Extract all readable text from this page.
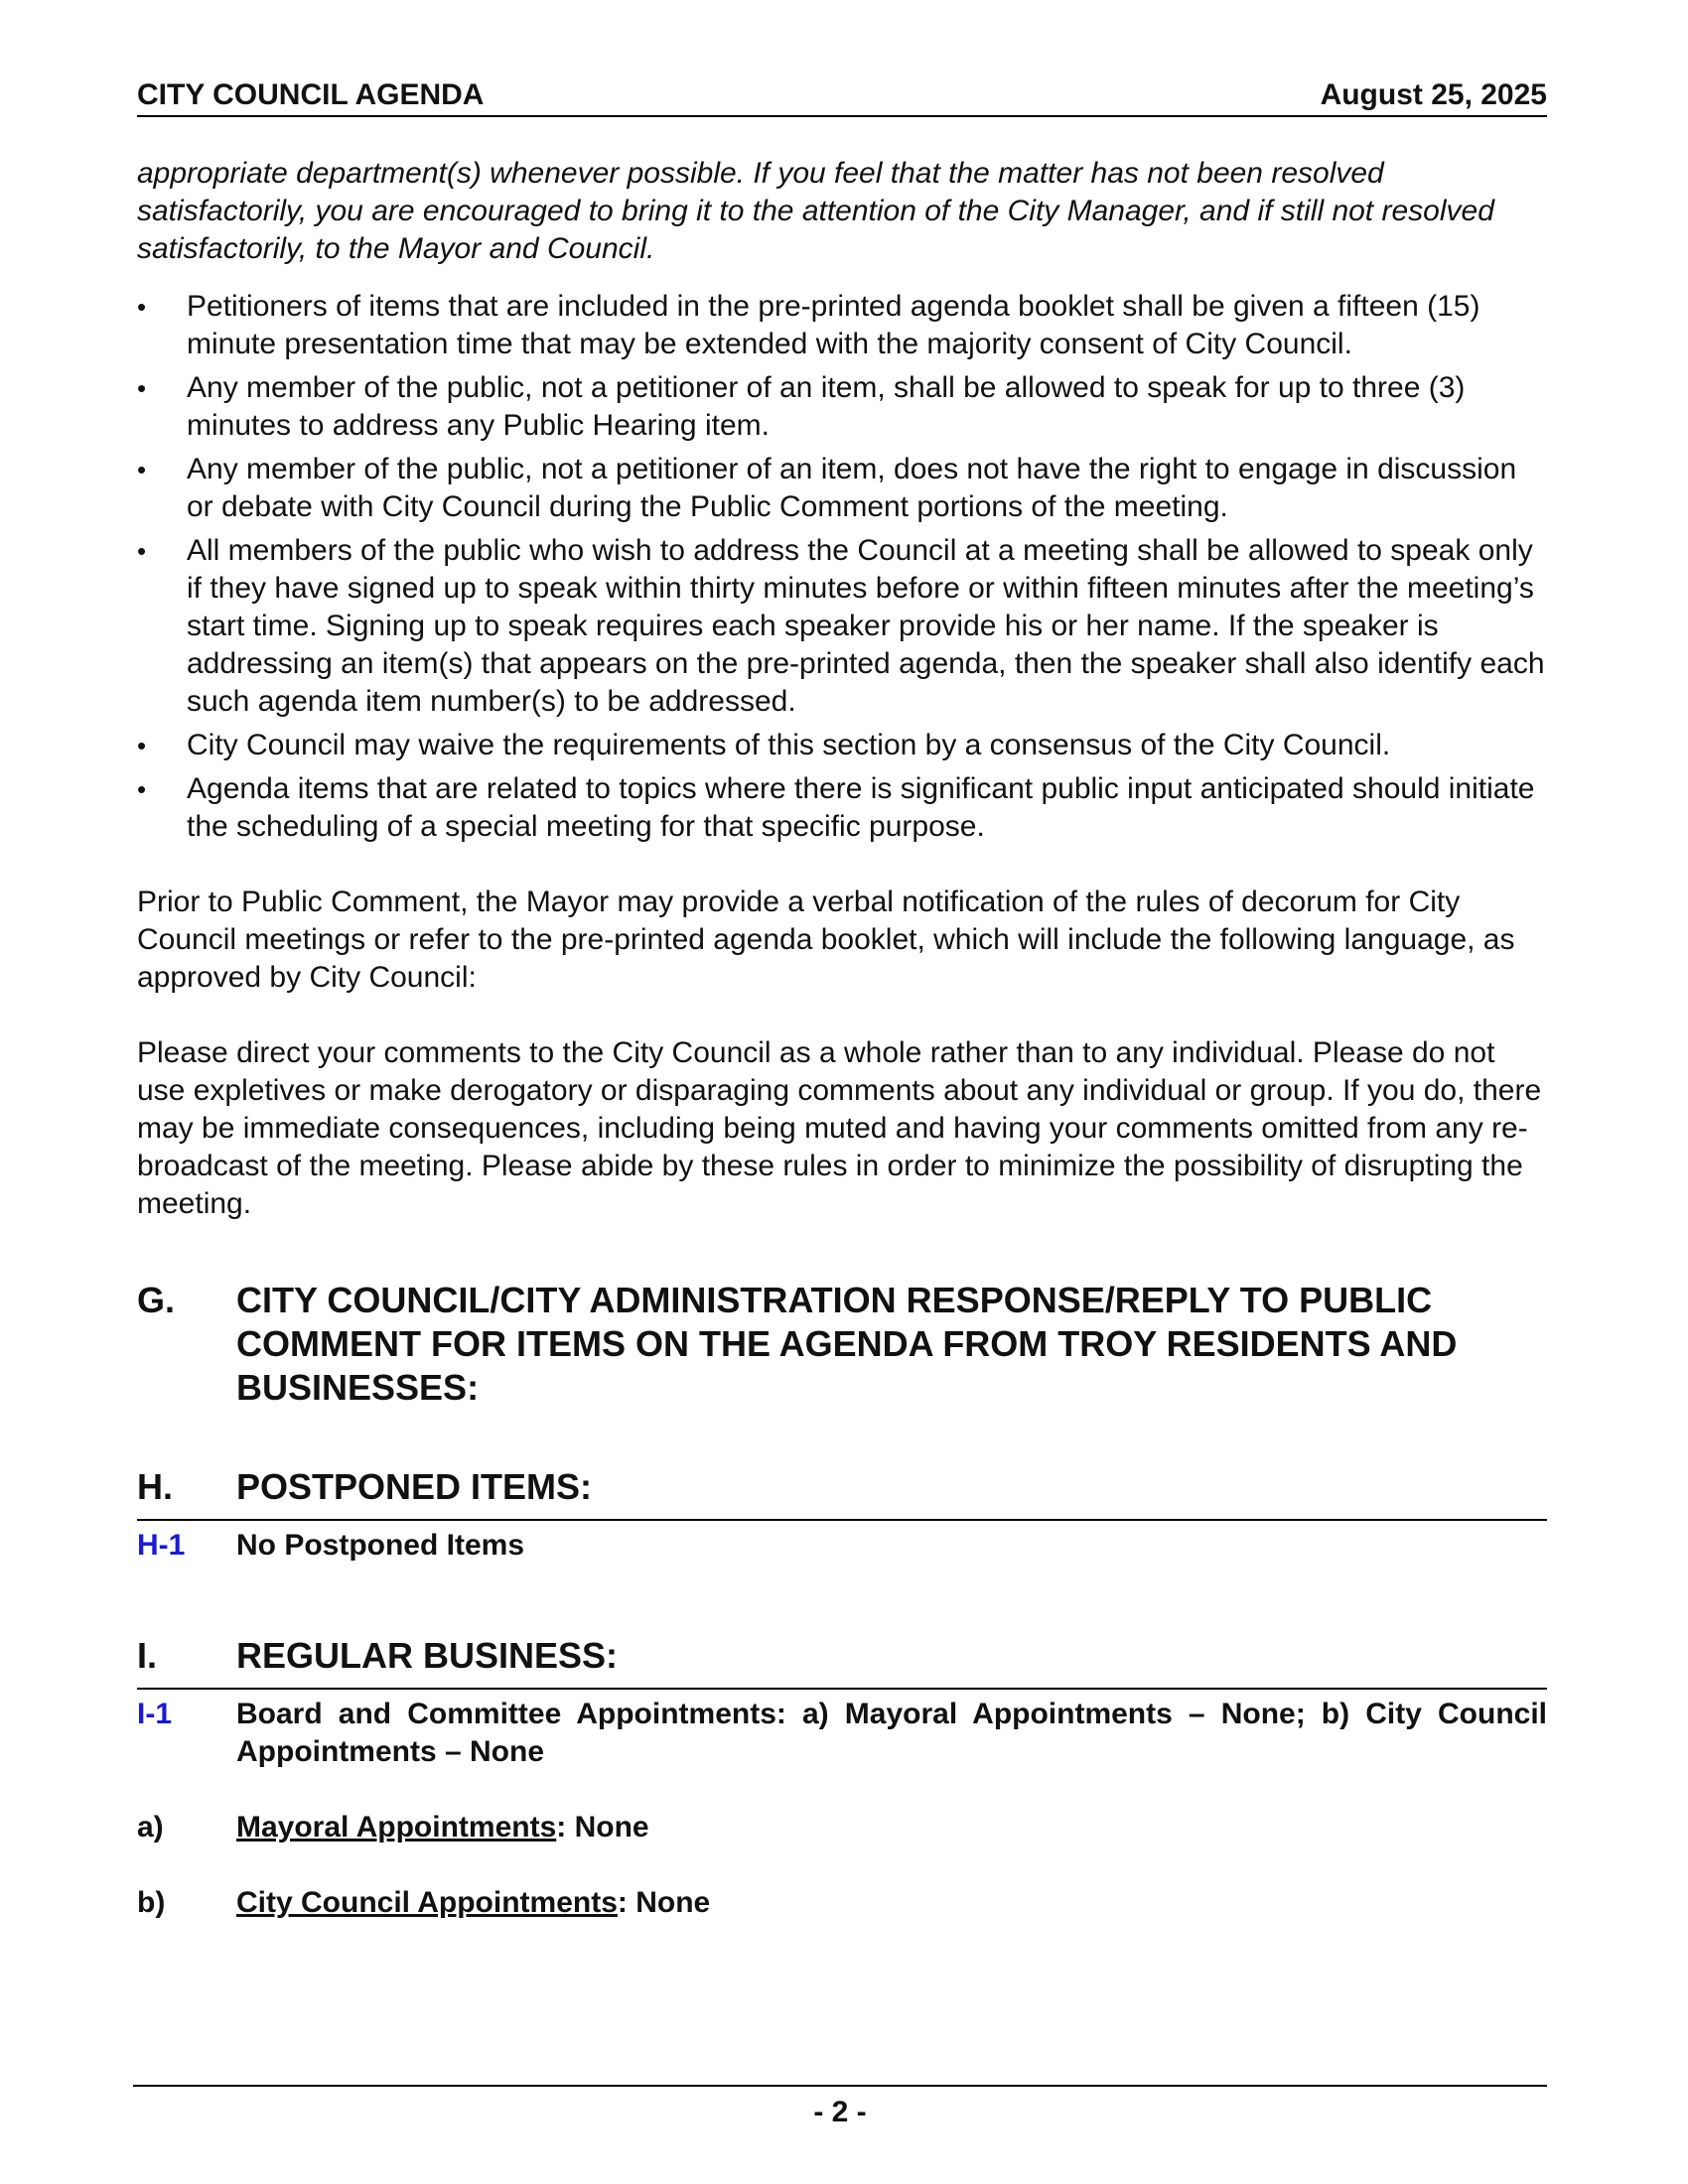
CITY COUNCIL AGENDA	August 25, 2025
appropriate department(s) whenever possible. If you feel that the matter has not been resolved satisfactorily, you are encouraged to bring it to the attention of the City Manager, and if still not resolved satisfactorily, to the Mayor and Council.
• Petitioners of items that are included in the pre-printed agenda booklet shall be given a fifteen (15) minute presentation time that may be extended with the majority consent of City Council.
• Any member of the public, not a petitioner of an item, shall be allowed to speak for up to three (3) minutes to address any Public Hearing item.
• Any member of the public, not a petitioner of an item, does not have the right to engage in discussion or debate with City Council during the Public Comment portions of the meeting.
• All members of the public who wish to address the Council at a meeting shall be allowed to speak only if they have signed up to speak within thirty minutes before or within fifteen minutes after the meeting’s start time. Signing up to speak requires each speaker provide his or her name. If the speaker is addressing an item(s) that appears on the pre-printed agenda, then the speaker shall also identify each such agenda item number(s) to be addressed.
• City Council may waive the requirements of this section by a consensus of the City Council.
• Agenda items that are related to topics where there is significant public input anticipated should initiate the scheduling of a special meeting for that specific purpose.
Prior to Public Comment, the Mayor may provide a verbal notification of the rules of decorum for City Council meetings or refer to the pre-printed agenda booklet, which will include the following language, as approved by City Council:
Please direct your comments to the City Council as a whole rather than to any individual. Please do not use expletives or make derogatory or disparaging comments about any individual or group. If you do, there may be immediate consequences, including being muted and having your comments omitted from any re-broadcast of the meeting. Please abide by these rules in order to minimize the possibility of disrupting the meeting.
G.	CITY COUNCIL/CITY ADMINISTRATION RESPONSE/REPLY TO PUBLIC COMMENT FOR ITEMS ON THE AGENDA FROM TROY RESIDENTS AND BUSINESSES:
H.	POSTPONED ITEMS:
H-1	No Postponed Items
I.	REGULAR BUSINESS:
I-1	Board and Committee Appointments: a) Mayoral Appointments – None; b) City Council Appointments – None
a)	Mayoral Appointments: None
b)	City Council Appointments: None
- 2 -
